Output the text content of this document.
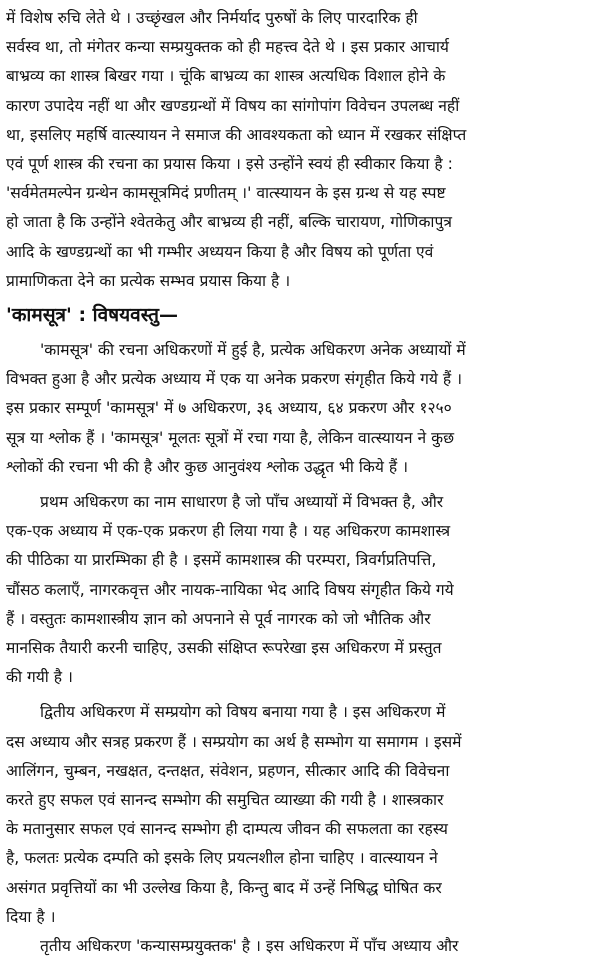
में विशेष रुचि लेते थे । उच्छृंखल और निर्मर्याद पुरुषों के लिए पारदारिक ही

सर्वस्व था, तो मंगेतर कन्या सम्प्रयुक्तक को ही महत्त्व देते थे । इस प्रकार आचार्य

बाभ्रव्य का शास्त्र बिखर गया । चूंकि बाभ्रव्य का शास्त्र अत्यधिक विशाल होने के

कारण उपादेय नहीं था और खण्डग्रन्थों में विषय का सांगोपांग विवेचन उपलब्ध नहीं

था, इसलिए महर्षि वात्स्यायन ने समाज की आवश्यकता को ध्यान में रखकर संक्षिप्त

एवं पूर्ण शास्त्र की रचना का प्रयास किया । इसे उन्होंने स्वयं ही स्वीकार किया है :

'सर्वमेतमल्पेन ग्रन्थेन कामसूत्रमिदं प्रणीतम् ।' वात्स्यायन के इस ग्रन्थ से यह स्पष्ट

हो जाता है कि उन्होंने श्वेतकेतु और बाभ्रव्य ही नहीं, बल्कि चारायण, गोणिकापुत्र

आदि के खण्डग्रन्थों का भी गम्भीर अध्ययन किया है और विषय को पूर्णता एवं

प्रामाणिकता देने का प्रत्येक सम्भव प्रयास किया है ।

'कामसूत्र' : विषयवस्तु—

'कामसूत्र' की रचना अधिकरणों में हुई है, प्रत्येक अधिकरण अनेक अध्यायों में

विभक्त हुआ है और प्रत्येक अध्याय में एक या अनेक प्रकरण संगृहीत किये गये हैं ।

इस प्रकार सम्पूर्ण 'कामसूत्र' में ७ अधिकरण, ३६ अध्याय, ६४ प्रकरण और १२५०

सूत्र या श्लोक हैं । 'कामसूत्र' मूलतः सूत्रों में रचा गया है, लेकिन वात्स्यायन ने कुछ

श्लोकों की रचना भी की है और कुछ आनुवंश्य श्लोक उद्धृत भी किये हैं ।

प्रथम अधिकरण का नाम साधारण है जो पाँच अध्यायों में विभक्त है, और

एक-एक अध्याय में एक-एक प्रकरण ही लिया गया है । यह अधिकरण कामशास्त्र

की पीठिका या प्रारम्भिका ही है । इसमें कामशास्त्र की परम्परा, त्रिवर्गप्रतिपत्ति,

चौंसठ कलाएँ, नागरकवृत्त और नायक-नायिका भेद आदि विषय संगृहीत किये गये

हैं । वस्तुतः कामशास्त्रीय ज्ञान को अपनाने से पूर्व नागरक को जो भौतिक और

मानसिक तैयारी करनी चाहिए, उसकी संक्षिप्त रूपरेखा इस अधिकरण में प्रस्तुत

की गयी है ।

द्वितीय अधिकरण में सम्प्रयोग को विषय बनाया गया है । इस अधिकरण में

दस अध्याय और सत्रह प्रकरण हैं । सम्प्रयोग का अर्थ है सम्भोग या समागम । इसमें

आलिंगन, चुम्बन, नखक्षत, दन्तक्षत, संवेशन, प्रहणन, सीत्कार आदि की विवेचना

करते हुए सफल एवं सानन्द सम्भोग की समुचित व्याख्या की गयी है । शास्त्रकार

के मतानुसार सफल एवं सानन्द सम्भोग ही दाम्पत्य जीवन की सफलता का रहस्य

है, फलतः प्रत्येक दम्पति को इसके लिए प्रयत्नशील होना चाहिए । वात्स्यायन ने

असंगत प्रवृत्तियों का भी उल्लेख किया है, किन्तु बाद में उन्हें निषिद्ध घोषित कर

दिया है ।

तृतीय अधिकरण 'कन्यासम्प्रयुक्तक' है । इस अधिकरण में पाँच अध्याय और
